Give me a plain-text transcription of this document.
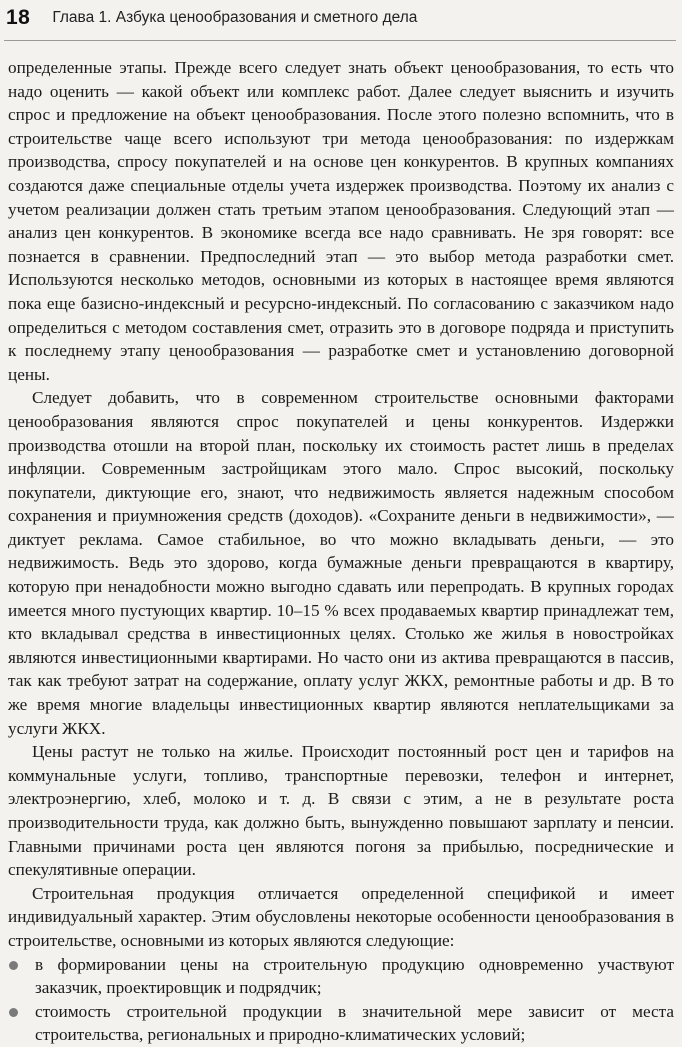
18 Глава 1. Азбука ценообразования и сметного дела

определенные этапы. Прежде всего следует знать объект ценообразования, то есть что надо оценить — какой объект или комплекс работ. Далее следует выяснить и изучить спрос и предложение на объект ценообразования. После этого полезно вспомнить, что в строительстве чаще всего используют три метода ценообразования: по издержкам производства, спросу покупателей и на основе цен конкурентов. В крупных компаниях создаются даже специальные отделы учета издержек производства. Поэтому их анализ с учетом реализации должен стать третьим этапом ценообразования. Следующий этап — анализ цен конкурентов. В экономике всегда все надо сравнивать. Не зря говорят: все познается в сравнении. Предпоследний этап — это выбор метода разработки смет. Используются несколько методов, основными из которых в настоящее время являются пока еще базисно-индексный и ресурсно-индексный. По согласованию с заказчиком надо определиться с методом составления смет, отразить это в договоре подряда и приступить к последнему этапу ценообразования — разработке смет и установлению договорной цены.

Следует добавить, что в современном строительстве основными факторами ценообразования являются спрос покупателей и цены конкурентов. Издержки производства отошли на второй план, поскольку их стоимость растет лишь в пределах инфляции. Современным застройщикам этого мало. Спрос высокий, поскольку покупатели, диктующие его, знают, что недвижимость является надежным способом сохранения и приумножения средств (доходов). «Сохраните деньги в недвижимости», — диктует реклама. Самое стабильное, во что можно вкладывать деньги, — это недвижимость. Ведь это здорово, когда бумажные деньги превращаются в квартиру, которую при ненадобности можно выгодно сдавать или перепродать. В крупных городах имеется много пустующих квартир. 10–15 % всех продаваемых квартир принадлежат тем, кто вкладывал средства в инвестиционных целях. Столько же жилья в новостройках являются инвестиционными квартирами. Но часто они из актива превращаются в пассив, так как требуют затрат на содержание, оплату услуг ЖКХ, ремонтные работы и др. В то же время многие владельцы инвестиционных квартир являются неплательщиками за услуги ЖКХ.

Цены растут не только на жилье. Происходит постоянный рост цен и тарифов на коммунальные услуги, топливо, транспортные перевозки, телефон и интернет, электроэнергию, хлеб, молоко и т. д. В связи с этим, а не в результате роста производительности труда, как должно быть, вынужденно повышают зарплату и пенсии. Главными причинами роста цен являются погоня за прибылью, посреднические и спекулятивные операции.

Строительная продукция отличается определенной спецификой и имеет индивидуальный характер. Этим обусловлены некоторые особенности ценообразования в строительстве, основными из которых являются следующие:

в формировании цены на строительную продукцию одновременно участвуют заказчик, проектировщик и подрядчик;
стоимость строительной продукции в значительной мере зависит от места строительства, региональных и природно-климатических условий;
